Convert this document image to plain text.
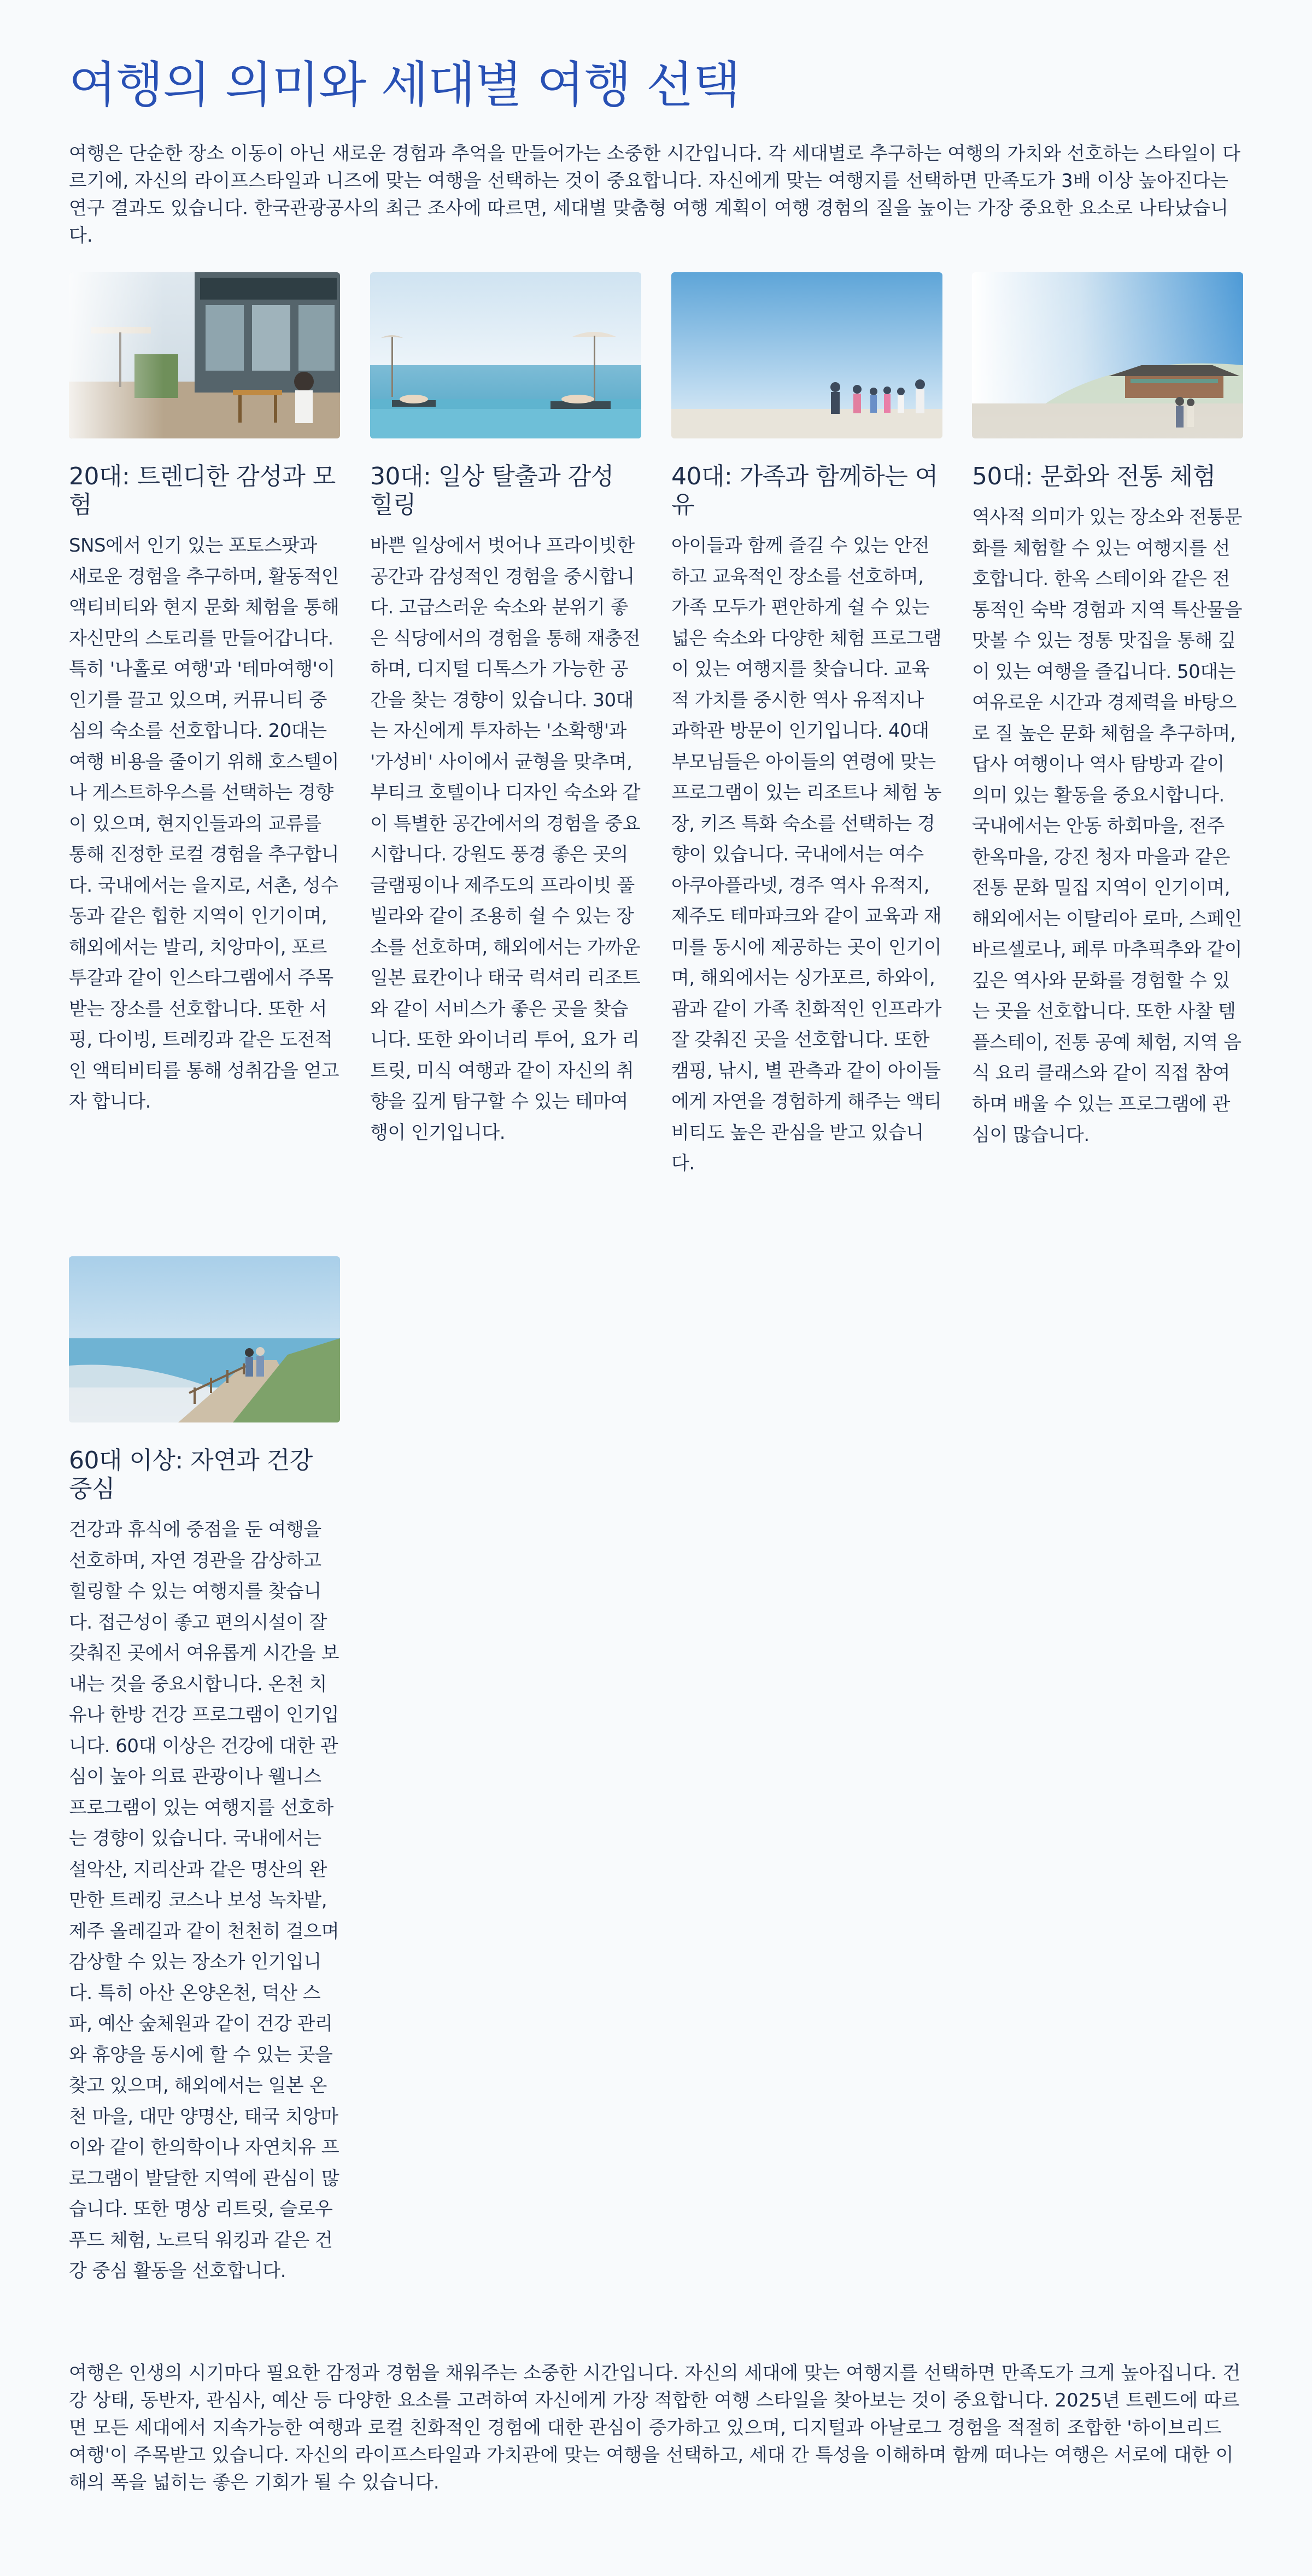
여행의 의미와 세대별 여행 선택

여행은 단순한 장소 이동이 아닌 새로운 경험과 추억을 만들어가는 소중한 시간입니다. 각 세대별로 추구하는 여행의 가치와 선호하는 스타일이 다르기에, 자신의 라이프스타일과 니즈에 맞는 여행을 선택하는 것이 중요합니다. 자신에게 맞는 여행지를 선택하면 만족도가 3배 이상 높아진다는 연구 결과도 있습니다. 한국관광공사의 최근 조사에 따르면, 세대별 맞춤형 여행 계획이 여행 경험의 질을 높이는 가장 중요한 요소로 나타났습니다.

20대: 트렌디한 감성과 모험

SNS에서 인기 있는 포토스팟과 새로운 경험을 추구하며, 활동적인 액티비티와 현지 문화 체험을 통해 자신만의 스토리를 만들어갑니다. 특히 '나홀로 여행'과 '테마여행'이 인기를 끌고 있으며, 커뮤니티 중심의 숙소를 선호합니다. 20대는 여행 비용을 줄이기 위해 호스텔이나 게스트하우스를 선택하는 경향이 있으며, 현지인들과의 교류를 통해 진정한 로컬 경험을 추구합니다. 국내에서는 을지로, 서촌, 성수동과 같은 힙한 지역이 인기이며, 해외에서는 발리, 치앙마이, 포르투갈과 같이 인스타그램에서 주목받는 장소를 선호합니다. 또한 서핑, 다이빙, 트레킹과 같은 도전적인 액티비티를 통해 성취감을 얻고자 합니다.

30대: 일상 탈출과 감성 힐링

바쁜 일상에서 벗어나 프라이빗한 공간과 감성적인 경험을 중시합니다. 고급스러운 숙소와 분위기 좋은 식당에서의 경험을 통해 재충전하며, 디지털 디톡스가 가능한 공간을 찾는 경향이 있습니다. 30대는 자신에게 투자하는 '소확행'과 '가성비' 사이에서 균형을 맞추며, 부티크 호텔이나 디자인 숙소와 같이 특별한 공간에서의 경험을 중요시합니다. 강원도 풍경 좋은 곳의 글램핑이나 제주도의 프라이빗 풀빌라와 같이 조용히 쉴 수 있는 장소를 선호하며, 해외에서는 가까운 일본 료칸이나 태국 럭셔리 리조트와 같이 서비스가 좋은 곳을 찾습니다. 또한 와이너리 투어, 요가 리트릿, 미식 여행과 같이 자신의 취향을 깊게 탐구할 수 있는 테마여행이 인기입니다.

40대: 가족과 함께하는 여유

아이들과 함께 즐길 수 있는 안전하고 교육적인 장소를 선호하며, 가족 모두가 편안하게 쉴 수 있는 넓은 숙소와 다양한 체험 프로그램이 있는 여행지를 찾습니다. 교육적 가치를 중시한 역사 유적지나 과학관 방문이 인기입니다. 40대 부모님들은 아이들의 연령에 맞는 프로그램이 있는 리조트나 체험 농장, 키즈 특화 숙소를 선택하는 경향이 있습니다. 국내에서는 여수 아쿠아플라넷, 경주 역사 유적지, 제주도 테마파크와 같이 교육과 재미를 동시에 제공하는 곳이 인기이며, 해외에서는 싱가포르, 하와이, 괌과 같이 가족 친화적인 인프라가 잘 갖춰진 곳을 선호합니다. 또한 캠핑, 낚시, 별 관측과 같이 아이들에게 자연을 경험하게 해주는 액티비티도 높은 관심을 받고 있습니다.

50대: 문화와 전통 체험

역사적 의미가 있는 장소와 전통문화를 체험할 수 있는 여행지를 선호합니다. 한옥 스테이와 같은 전통적인 숙박 경험과 지역 특산물을 맛볼 수 있는 정통 맛집을 통해 깊이 있는 여행을 즐깁니다. 50대는 여유로운 시간과 경제력을 바탕으로 질 높은 문화 체험을 추구하며, 답사 여행이나 역사 탐방과 같이 의미 있는 활동을 중요시합니다. 국내에서는 안동 하회마을, 전주 한옥마을, 강진 청자 마을과 같은 전통 문화 밀집 지역이 인기이며, 해외에서는 이탈리아 로마, 스페인 바르셀로나, 페루 마추픽추와 같이 깊은 역사와 문화를 경험할 수 있는 곳을 선호합니다. 또한 사찰 템플스테이, 전통 공예 체험, 지역 음식 요리 클래스와 같이 직접 참여하며 배울 수 있는 프로그램에 관심이 많습니다.

60대 이상: 자연과 건강 중심

건강과 휴식에 중점을 둔 여행을 선호하며, 자연 경관을 감상하고 힐링할 수 있는 여행지를 찾습니다. 접근성이 좋고 편의시설이 잘 갖춰진 곳에서 여유롭게 시간을 보내는 것을 중요시합니다. 온천 치유나 한방 건강 프로그램이 인기입니다. 60대 이상은 건강에 대한 관심이 높아 의료 관광이나 웰니스 프로그램이 있는 여행지를 선호하는 경향이 있습니다. 국내에서는 설악산, 지리산과 같은 명산의 완만한 트레킹 코스나 보성 녹차밭, 제주 올레길과 같이 천천히 걸으며 감상할 수 있는 장소가 인기입니다. 특히 아산 온양온천, 덕산 스파, 예산 숲체원과 같이 건강 관리와 휴양을 동시에 할 수 있는 곳을 찾고 있으며, 해외에서는 일본 온천 마을, 대만 양명산, 태국 치앙마이와 같이 한의학이나 자연치유 프로그램이 발달한 지역에 관심이 많습니다. 또한 명상 리트릿, 슬로우 푸드 체험, 노르딕 워킹과 같은 건강 중심 활동을 선호합니다.

여행은 인생의 시기마다 필요한 감정과 경험을 채워주는 소중한 시간입니다. 자신의 세대에 맞는 여행지를 선택하면 만족도가 크게 높아집니다. 건강 상태, 동반자, 관심사, 예산 등 다양한 요소를 고려하여 자신에게 가장 적합한 여행 스타일을 찾아보는 것이 중요합니다. 2025년 트렌드에 따르면 모든 세대에서 지속가능한 여행과 로컬 친화적인 경험에 대한 관심이 증가하고 있으며, 디지털과 아날로그 경험을 적절히 조합한 '하이브리드 여행'이 주목받고 있습니다. 자신의 라이프스타일과 가치관에 맞는 여행을 선택하고, 세대 간 특성을 이해하며 함께 떠나는 여행은 서로에 대한 이해의 폭을 넓히는 좋은 기회가 될 수 있습니다.
